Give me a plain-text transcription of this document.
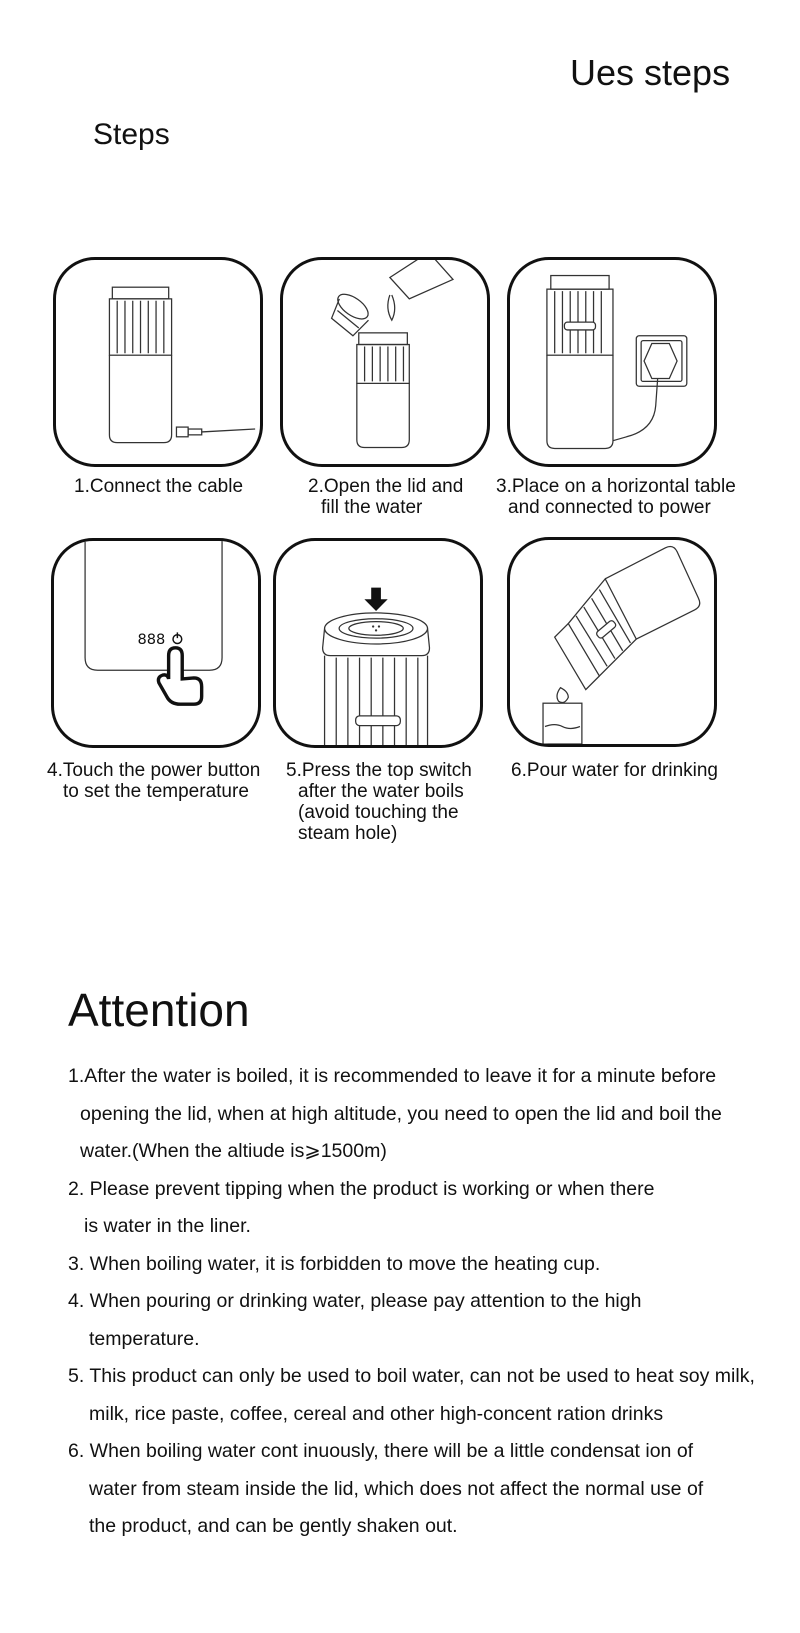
Ues steps
Steps
1.Connect the cable	2.Open the lid and
fill the water
3.Place on a horizontal table
and connected to power
888
4.Touch the power button
to set the temperature
5.Press the top switch
after the water boils
(avoid touching the
steam hole)
6.Pour water for drinking
Attention
1.After the water is boiled, it is recommended to leave it for a minute before
opening the lid, when at high altitude, you need to open the lid and boil the
water.(When the altiude is⩾1500m)
2. Please prevent tipping when the product is working or when there
is water in the liner.
3. When boiling water, it is forbidden to move the heating cup.
4. When pouring or drinking water, please pay attention to the high
temperature.
5. This product can only be used to boil water, can not be used to heat soy milk,
milk, rice paste, coffee, cereal and other high-concent ration drinks
6. When boiling water cont inuously, there will be a little condensat ion of
water from steam inside the lid, which does not affect the normal use of
the product, and can be gently shaken out.
